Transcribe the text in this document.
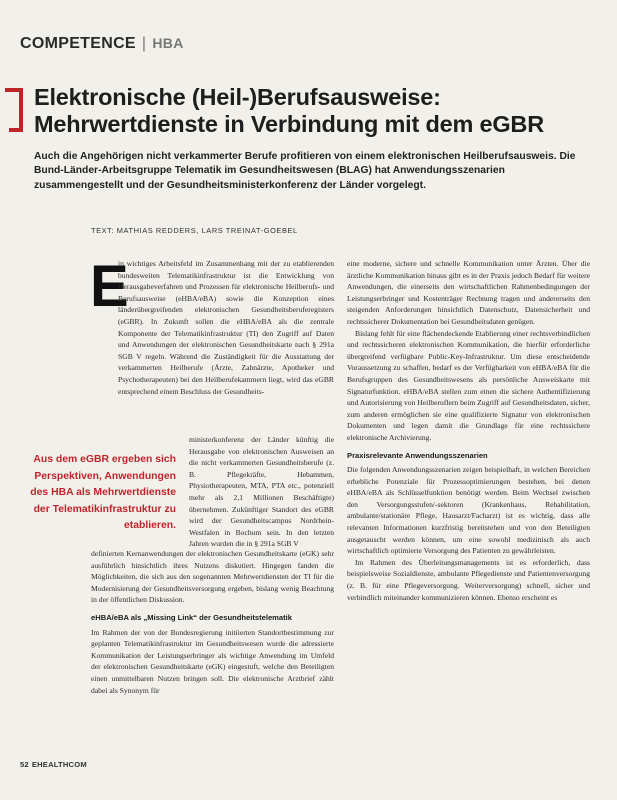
COMPETENCE | HBA
Elektronische (Heil-)Berufsausweise:
Mehrwertdienste in Verbindung mit dem eGBR

Auch die Angehörigen nicht verkammerter Berufe profitieren von einem elektronischen Heilberufsausweis. Die Bund-Länder-Arbeitsgruppe Telematik im Gesundheitswesen (BLAG) hat Anwendungsszenarien zusammengestellt und der Gesundheitsministerkonferenz der Länder vorgelegt.

TEXT: MATHIAS REDDERS, LARS TREINAT-GOEBEL
E

in wichtiges Arbeitsfeld im Zusammenhang mit der zu etablierenden bundesweiten Telematikinfrastruktur ist die Entwicklung von Herausgabeverfahren und Prozessen für elektronische Heilberufs- und Berufsausweise (eHBA/eBA) sowie die Konzeption eines länderübergreifenden elektronischen Gesundheitsberuferegisters (eGBR). In Zukunft sollen die eHBA/eBA als die zentrale Komponente der Telematikinfrastruktur (TI) den Zugriff auf Daten und Anwendungen der elektronischen Gesundheitskarte nach § 291a SGB V regeln. Während die Zuständigkeit für die Ausstattung der verkammerten Heilberufe (Ärzte, Zahnärzte, Apotheker und Psychotherapeuten) bei den Heilberufekammern liegt, wird das eGBR entsprechend einem Beschluss der Gesundheits-

Aus dem eGBR ergeben sich Perspektiven, Anwendungen des HBA als Mehrwertdienste der Telematikinfrastruktur zu etablieren.

ministerkonferenz der Länder künftig die Herausgabe von elektronischen Ausweisen an die nicht verkammerten Gesundheitsberufe (z. B. Pflegekräfte, Hebammen, Physiotherapeuten, MTA, PTA etc., potenziell mehr als 2,1 Millionen Beschäftigte) übernehmen. Zukünftiger Standort des eGBR wird der Gesundheitscampus Nordrhein-Westfalen in Bochum sein. In den letzten Jahren wurden die in § 291a SGB V

definierten Kernanwendungen der elektronischen Gesundheitskarte (eGK) sehr ausführlich hinsichtlich ihres Nutzens diskutiert. Hingegen fanden die Möglichkeiten, die sich aus den sogenannten Mehrwertdiensten der TI für die Modernisierung der Gesundheitsversorgung ergeben, bislang wenig Beachtung in der öffentlichen Diskussion.

eHBA/eBA als „Missing Link“ der Gesundheitstelematik

Im Rahmen der von der Bundesregierung initiierten Standortbestimmung zur geplanten Telematikinfrastruktur im Gesundheitswesen wurde die adressierte Kommunikation der Leistungserbringer als wichtige Anwendung im Umfeld der elektronischen Gesundheitskarte (eGK) eingestuft, welche den Beteiligten einen unmittelbaren Nutzen bringen soll. Die elektronische Arztbrief zählt dabei als Synonym für

eine moderne, sichere und schnelle Kommunikation unter Ärzten. Über die ärztliche Kommunikation hinaus gibt es in der Praxis jedoch Bedarf für weitere Anwendungen, die einerseits den wirtschaftlichen Rahmenbedingungen der Leistungserbringer und Kostenträger Rechnung tragen und andererseits den steigenden Anforderungen hinsichtlich Datenschutz, Datensicherheit und rechtssicherer Dokumentation bei Gesundheitsdaten genügen.

Bislang fehlt für eine flächendeckende Etablierung einer rechtsverbindlichen und rechtssicheren elektronischen Kommunikation, die hierfür erforderliche übergreifend verfügbare Public-Key-Infrastruktur. Um diese entscheidende Voraussetzung zu schaffen, bedarf es der Verfügbarkeit von eHBA/eBA für die Berufsgruppen des Gesundheitswesens als persönliche Ausweiskarte mit Signaturfunktion. eHBA/eBA stellen zum einen die sichere Authentifizierung und Autorisierung von Heilberuflern beim Zugriff auf Gesundheitsdaten, sicher, zum anderen ermöglichen sie eine qualifizierte Signatur von elektronischen Dokumenten und legen damit die Grundlage für eine rechtssichere elektronische Archivierung.

Praxisrelevante Anwendungsszenarien

Die folgenden Anwendungsszenarien zeigen beispielhaft, in welchen Bereichen erhebliche Potenziale für Prozessoptimierungen bestehen, bei denen eHBA/eBA als Schlüsselfunktion benötigt werden. Beim Wechsel zwischen den Versorgungsstufen/-sektoren (Krankenhaus, Rehabilitation, ambulante/stationäre Pflege, Hausarzt/Facharzt) ist es wichtig, dass alle relevanten Informationen kurzfristig bereitstehen und von den Beteiligten ausgetauscht werden können, um eine sowohl medizinisch als auch wirtschaftlich optimierte Versorgung des Patienten zu gewährleisten.

Im Rahmen des Überleitungsmanagements ist es erforderlich, dass beispielsweise Sozialdienste, ambulante Pflegedienste und Patientenversorgung (z. B. für eine Pflegeversorgung. Weiterversorgung) schnell, sicher und verbindlich miteinander kommunizieren können. Ebenso erscheint es

52 EHEALTHCOM
